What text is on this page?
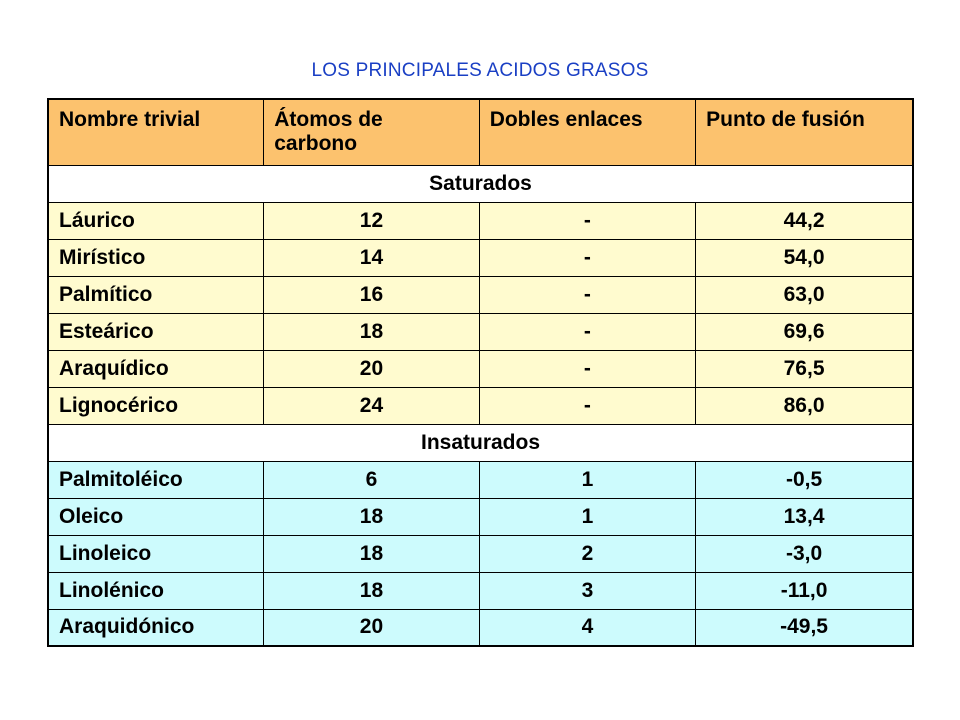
LOS PRINCIPALES ACIDOS GRASOS
Nombre trivial	Átomos de carbono	Dobles enlaces	Punto de fusión
Saturados			
Láurico	12	-	44,2
Mirístico	14	-	54,0
Palmítico	16	-	63,0
Esteárico	18	-	69,6
Araquídico	20	-	76,5
Lignocérico	24	-	86,0
Insaturados			
Palmitoléico	6	1	-0,5
Oleico	18	1	13,4
Linoleico	18	2	-3,0
Linolénico	18	3	-11,0
Araquidónico	20	4	-49,5
